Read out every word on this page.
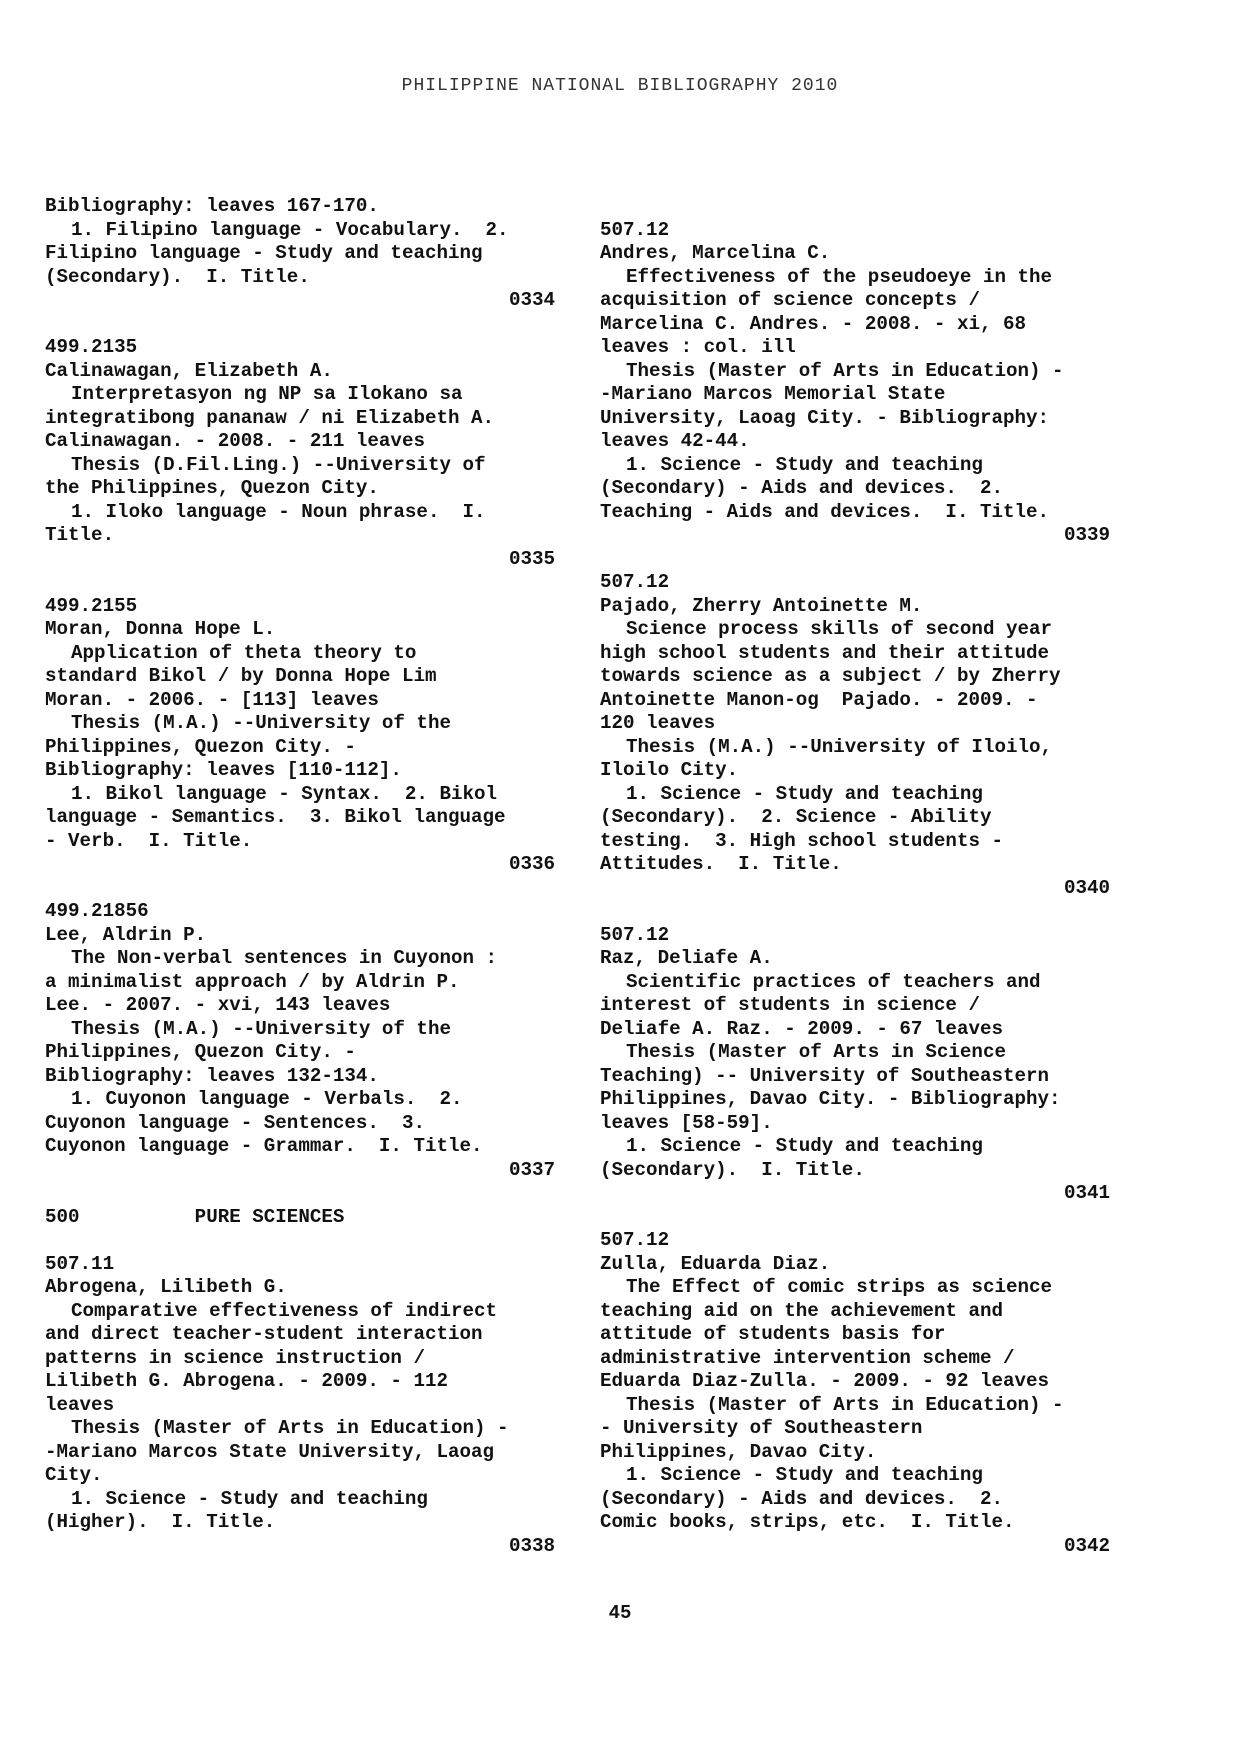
PHILIPPINE NATIONAL BIBLIOGRAPHY 2010
Bibliography: leaves 167-170.
1. Filipino language - Vocabulary.  2.
Filipino language - Study and teaching
(Secondary).  I. Title.
0334
499.2135
Calinawagan, Elizabeth A.
Interpretasyon ng NP sa Ilokano sa
integratibong pananaw / ni Elizabeth A.
Calinawagan. - 2008. - 211 leaves
Thesis (D.Fil.Ling.) --University of
the Philippines, Quezon City.
1. Iloko language - Noun phrase.  I.
Title.
0335
499.2155
Moran, Donna Hope L.
Application of theta theory to
standard Bikol / by Donna Hope Lim
Moran. - 2006. - [113] leaves
Thesis (M.A.) --University of the
Philippines, Quezon City. -
Bibliography: leaves [110-112].
1. Bikol language - Syntax.  2. Bikol
language - Semantics.  3. Bikol language
- Verb.  I. Title.
0336
499.21856
Lee, Aldrin P.
The Non-verbal sentences in Cuyonon :
a minimalist approach / by Aldrin P.
Lee. - 2007. - xvi, 143 leaves
Thesis (M.A.) --University of the
Philippines, Quezon City. -
Bibliography: leaves 132-134.
1. Cuyonon language - Verbals.  2.
Cuyonon language - Sentences.  3.
Cuyonon language - Grammar.  I. Title.
0337
500          PURE SCIENCES
507.11
Abrogena, Lilibeth G.
Comparative effectiveness of indirect
and direct teacher-student interaction
patterns in science instruction /
Lilibeth G. Abrogena. - 2009. - 112
leaves
Thesis (Master of Arts in Education) -
-Mariano Marcos State University, Laoag
City.
1. Science - Study and teaching
(Higher).  I. Title.
0338
507.12
Andres, Marcelina C.
Effectiveness of the pseudoeye in the
acquisition of science concepts /
Marcelina C. Andres. - 2008. - xi, 68
leaves : col. ill
Thesis (Master of Arts in Education) -
-Mariano Marcos Memorial State
University, Laoag City. - Bibliography:
leaves 42-44.
1. Science - Study and teaching
(Secondary) - Aids and devices.  2.
Teaching - Aids and devices.  I. Title.
0339
507.12
Pajado, Zherry Antoinette M.
Science process skills of second year
high school students and their attitude
towards science as a subject / by Zherry
Antoinette Manon-og  Pajado. - 2009. -
120 leaves
Thesis (M.A.) --University of Iloilo,
Iloilo City.
1. Science - Study and teaching
(Secondary).  2. Science - Ability
testing.  3. High school students -
Attitudes.  I. Title.
0340
507.12
Raz, Deliafe A.
Scientific practices of teachers and
interest of students in science /
Deliafe A. Raz. - 2009. - 67 leaves
Thesis (Master of Arts in Science
Teaching) -- University of Southeastern
Philippines, Davao City. - Bibliography:
leaves [58-59].
1. Science - Study and teaching
(Secondary).  I. Title.
0341
507.12
Zulla, Eduarda Diaz.
The Effect of comic strips as science
teaching aid on the achievement and
attitude of students basis for
administrative intervention scheme /
Eduarda Diaz-Zulla. - 2009. - 92 leaves
Thesis (Master of Arts in Education) -
- University of Southeastern
Philippines, Davao City.
1. Science - Study and teaching
(Secondary) - Aids and devices.  2.
Comic books, strips, etc.  I. Title.
0342
45
